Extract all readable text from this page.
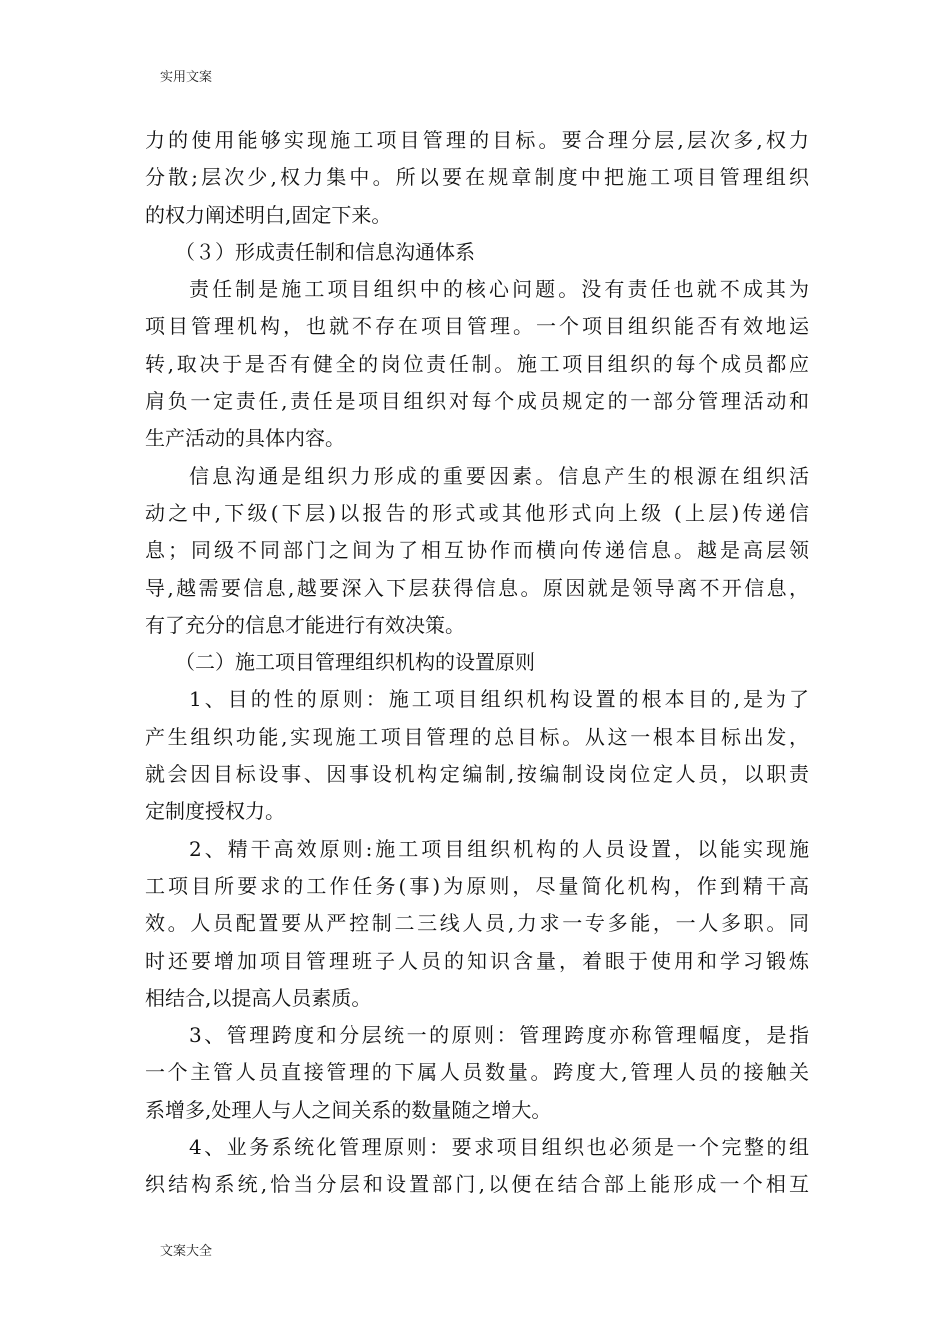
实用文案
力的使用能够实现施工项目管理的目标。要合理分层,层次多,权力
分散;层次少,权力集中。所以要在规章制度中把施工项目管理组织
的权力阐述明白,固定下来。
（３）形成责任制和信息沟通体系
责任制是施工项目组织中的核心问题。没有责任也就不成其为
项目管理机构，也就不存在项目管理。一个项目组织能否有效地运
转,取决于是否有健全的岗位责任制。施工项目组织的每个成员都应
肩负一定责任,责任是项目组织对每个成员规定的一部分管理活动和
生产活动的具体内容。
信息沟通是组织力形成的重要因素。信息产生的根源在组织活
动之中,下级(下层)以报告的形式或其他形式向上级 (上层)传递信
息；同级不同部门之间为了相互协作而横向传递信息。越是高层领
导,越需要信息,越要深入下层获得信息。原因就是领导离不开信息，
有了充分的信息才能进行有效决策。
（二）施工项目管理组织机构的设置原则
1、目的性的原则：施工项目组织机构设置的根本目的,是为了
产生组织功能,实现施工项目管理的总目标。从这一根本目标出发，
就会因目标设事、因事设机构定编制,按编制设岗位定人员，以职责
定制度授权力。
2、精干高效原则:施工项目组织机构的人员设置，以能实现施
工项目所要求的工作任务(事)为原则，尽量简化机构，作到精干高
效。人员配置要从严控制二三线人员,力求一专多能，一人多职。同
时还要增加项目管理班子人员的知识含量，着眼于使用和学习锻炼
相结合,以提高人员素质。
3、管理跨度和分层统一的原则：管理跨度亦称管理幅度，是指
一个主管人员直接管理的下属人员数量。跨度大,管理人员的接触关
系增多,处理人与人之间关系的数量随之增大。
4、业务系统化管理原则：要求项目组织也必须是一个完整的组
织结构系统,恰当分层和设置部门,以便在结合部上能形成一个相互
文案大全
